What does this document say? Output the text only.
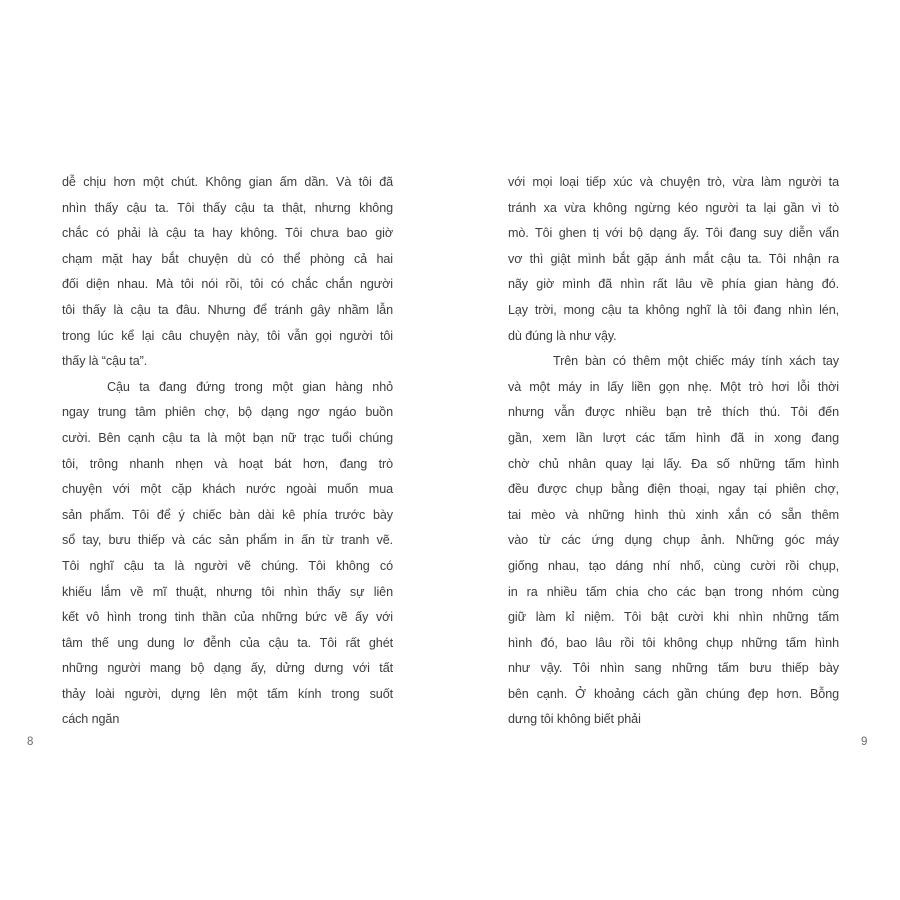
dễ chịu hơn một chút. Không gian ấm dần. Và tôi đã
nhìn thấy cậu ta. Tôi thấy cậu ta thật, nhưng không
chắc có phải là cậu ta hay không. Tôi chưa bao giờ
chạm mặt hay bắt chuyện dù có thể phòng cả hai
đối diện nhau. Mà tôi nói rồi, tôi có chắc chắn người
tôi thấy là cậu ta đâu. Nhưng để tránh gây nhầm lẫn
trong lúc kể lại câu chuyện này, tôi vẫn gọi người tôi
thấy là “cậu ta”.
Cậu ta đang đứng trong một gian hàng nhỏ
ngay trung tâm phiên chợ, bộ dạng ngơ ngáo buồn
cười. Bên cạnh cậu ta là một bạn nữ trạc tuổi chúng
tôi, trông nhanh nhẹn và hoạt bát hơn, đang trò
chuyện với một cặp khách nước ngoài muốn mua
sản phẩm. Tôi để ý chiếc bàn dài kê phía trước bày
sổ tay, bưu thiếp và các sản phẩm in ấn từ tranh vẽ.
Tôi nghĩ cậu ta là người vẽ chúng. Tôi không có
khiếu lắm về mĩ thuật, nhưng tôi nhìn thấy sự liên
kết vô hình trong tinh thần của những bức vẽ ấy với
tâm thế ung dung lơ đễnh của cậu ta. Tôi rất ghét
những người mang bộ dạng ấy, dửng dưng với tất
thảy loài người, dựng lên một tấm kính trong suốt
cách ngăn
với mọi loại tiếp xúc và chuyện trò, vừa làm người ta
tránh xa vừa không ngừng kéo người ta lại gần vì tò
mò. Tôi ghen tị với bộ dạng ấy. Tôi đang suy diễn vẩn
vơ thì giật mình bắt gặp ánh mắt cậu ta. Tôi nhận ra
nãy giờ mình đã nhìn rất lâu về phía gian hàng đó.
Lạy trời, mong cậu ta không nghĩ là tôi đang nhìn lén,
dù đúng là như vậy.
Trên bàn có thêm một chiếc máy tính xách tay
và một máy in lấy liền gọn nhẹ. Một trò hơi lỗi thời
nhưng vẫn được nhiều bạn trẻ thích thú. Tôi đến
gần, xem lần lượt các tấm hình đã in xong đang
chờ chủ nhân quay lại lấy. Đa số những tấm hình
đều được chụp bằng điện thoại, ngay tại phiên chợ,
tai mèo và những hình thù xinh xắn có sẵn thêm
vào từ các ứng dụng chụp ảnh. Những góc máy
giống nhau, tạo dáng nhí nhố, cùng cười rồi chụp,
in ra nhiều tấm chia cho các bạn trong nhóm cùng
giữ làm kỉ niệm. Tôi bật cười khi nhìn những tấm
hình đó, bao lâu rồi tôi không chụp những tấm hình
như vậy. Tôi nhìn sang những tấm bưu thiếp bày
bên cạnh. Ở khoảng cách gần chúng đẹp hơn. Bỗng
dưng tôi không biết phải
8	9
